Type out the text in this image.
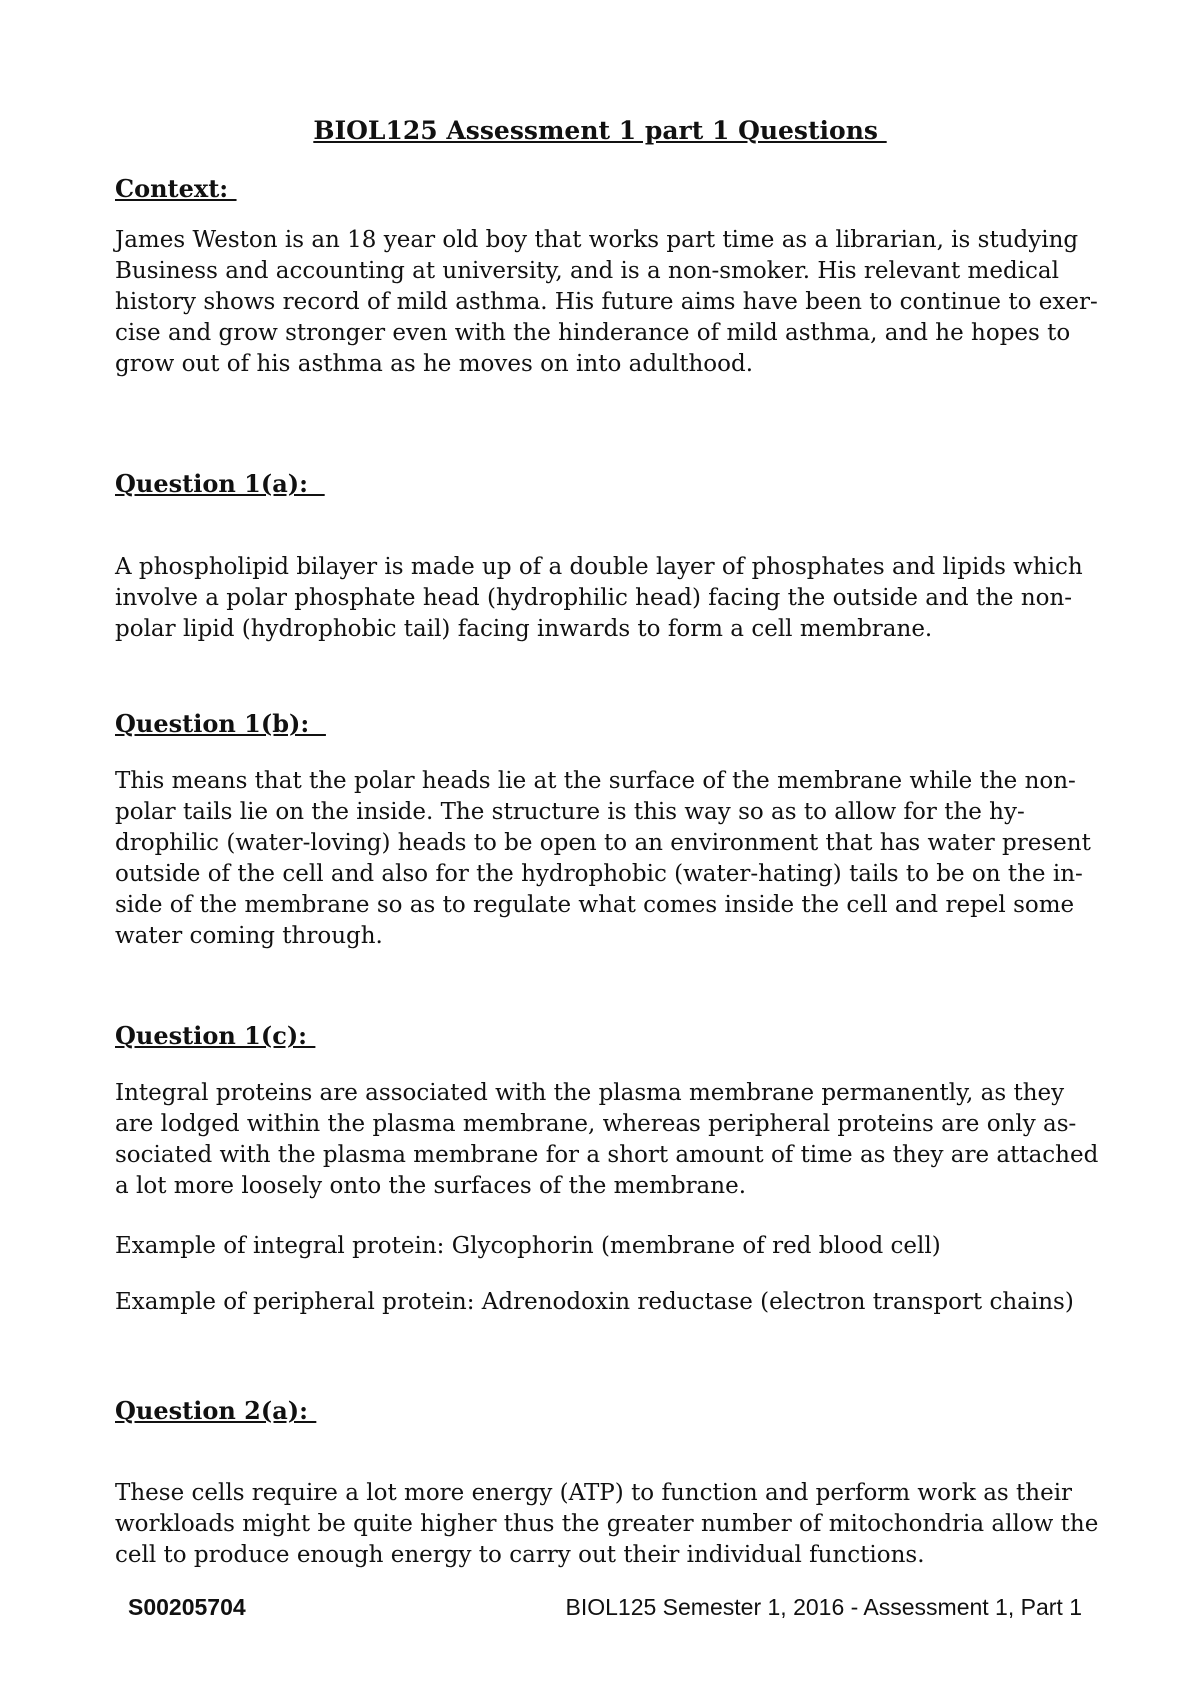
BIOL125 Assessment 1 part 1 Questions
Context:

James Weston is an 18 year old boy that works part time as a librarian, is studying
Business and accounting at university, and is a non-smoker. His relevant medical
history shows record of mild asthma. His future aims have been to continue to exer-
cise and grow stronger even with the hinderance of mild asthma, and he hopes to
grow out of his asthma as he moves on into adulthood.

Question 1(a):

A phospholipid bilayer is made up of a double layer of phosphates and lipids which
involve a polar phosphate head (hydrophilic head) facing the outside and the non-
polar lipid (hydrophobic tail) facing inwards to form a cell membrane.

Question 1(b):

This means that the polar heads lie at the surface of the membrane while the non-
polar tails lie on the inside. The structure is this way so as to allow for the hy-
drophilic (water-loving) heads to be open to an environment that has water present
outside of the cell and also for the hydrophobic (water-hating) tails to be on the in-
side of the membrane so as to regulate what comes inside the cell and repel some
water coming through.

Question 1(c):

Integral proteins are associated with the plasma membrane permanently, as they
are lodged within the plasma membrane, whereas peripheral proteins are only as-
sociated with the plasma membrane for a short amount of time as they are attached
a lot more loosely onto the surfaces of the membrane.

Example of integral protein: Glycophorin (membrane of red blood cell)

Example of peripheral protein: Adrenodoxin reductase (electron transport chains)

Question 2(a):

These cells require a lot more energy (ATP) to function and perform work as their
workloads might be quite higher thus the greater number of mitochondria allow the
cell to produce enough energy to carry out their individual functions.

S00205704	BIOL125 Semester 1, 2016 - Assessment 1, Part 1
